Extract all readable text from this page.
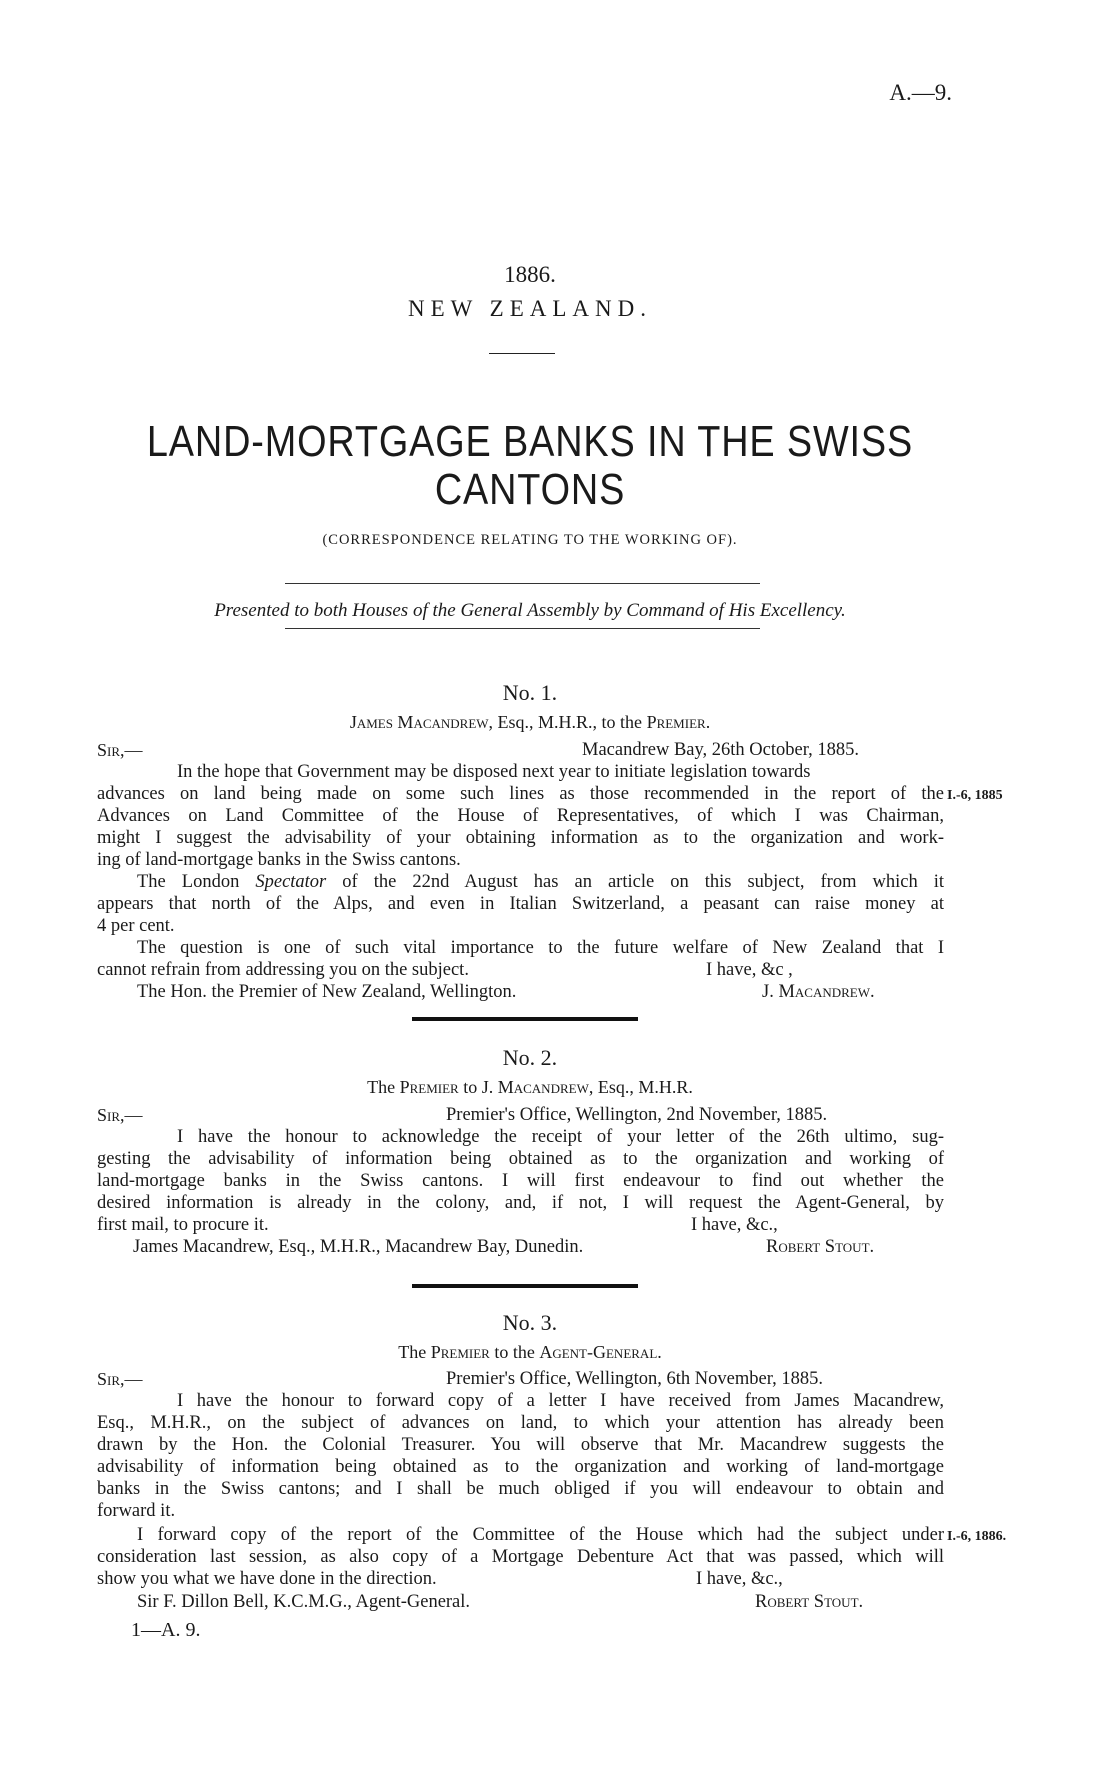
A.—9.
1886.
NEW ZEALAND.
LAND-MORTGAGE BANKS IN THE SWISS
CANTONS
(CORRESPONDENCE RELATING TO THE WORKING OF).
Presented to both Houses of the General Assembly by Command of His Excellency.
No. 1.
James Macandrew, Esq., M.H.R., to the Premier.
Sir,—	Macandrew Bay, 26th October, 1885.
In the hope that Government may be disposed next year to initiate legislation towards
advances on land being made on some such lines as those recommended in the report of the I.-6, 1885
Advances on Land Committee of the House of Representatives, of which I was Chairman,
might I suggest the advisability of your obtaining information as to the organization and work-
ing of land-mortgage banks in the Swiss cantons.
The London Spectator of the 22nd August has an article on this subject, from which it
appears that north of the Alps, and even in Italian Switzerland, a peasant can raise money at
4 per cent.
The question is one of such vital importance to the future welfare of New Zealand that I
cannot refrain from addressing you on the subject.	I have, &c ,
The Hon. the Premier of New Zealand, Wellington.	J. Macandrew.
No. 2.
The Premier to J. Macandrew, Esq., M.H.R.
Sir,—	Premier's Office, Wellington, 2nd November, 1885.
I have the honour to acknowledge the receipt of your letter of the 26th ultimo, sug-
gesting the advisability of information being obtained as to the organization and working of
land-mortgage banks in the Swiss cantons. I will first endeavour to find out whether the
desired information is already in the colony, and, if not, I will request the Agent-General, by
first mail, to procure it.	I have, &c.,
James Macandrew, Esq., M.H.R., Macandrew Bay, Dunedin.	Robert Stout.
No. 3.
The Premier to the Agent-General.
Sir,—	Premier's Office, Wellington, 6th November, 1885.
I have the honour to forward copy of a letter I have received from James Macandrew,
Esq., M.H.R., on the subject of advances on land, to which your attention has already been
drawn by the Hon. the Colonial Treasurer. You will observe that Mr. Macandrew suggests the
advisability of information being obtained as to the organization and working of land-mortgage
banks in the Swiss cantons; and I shall be much obliged if you will endeavour to obtain and
forward it.
I forward copy of the report of the Committee of the House which had the subject under I.-6, 1886.
consideration last session, as also copy of a Mortgage Debenture Act that was passed, which will
show you what we have done in the direction.	I have, &c.,
Sir F. Dillon Bell, K.C.M.G., Agent-General.	Robert Stout.
1—A. 9.
